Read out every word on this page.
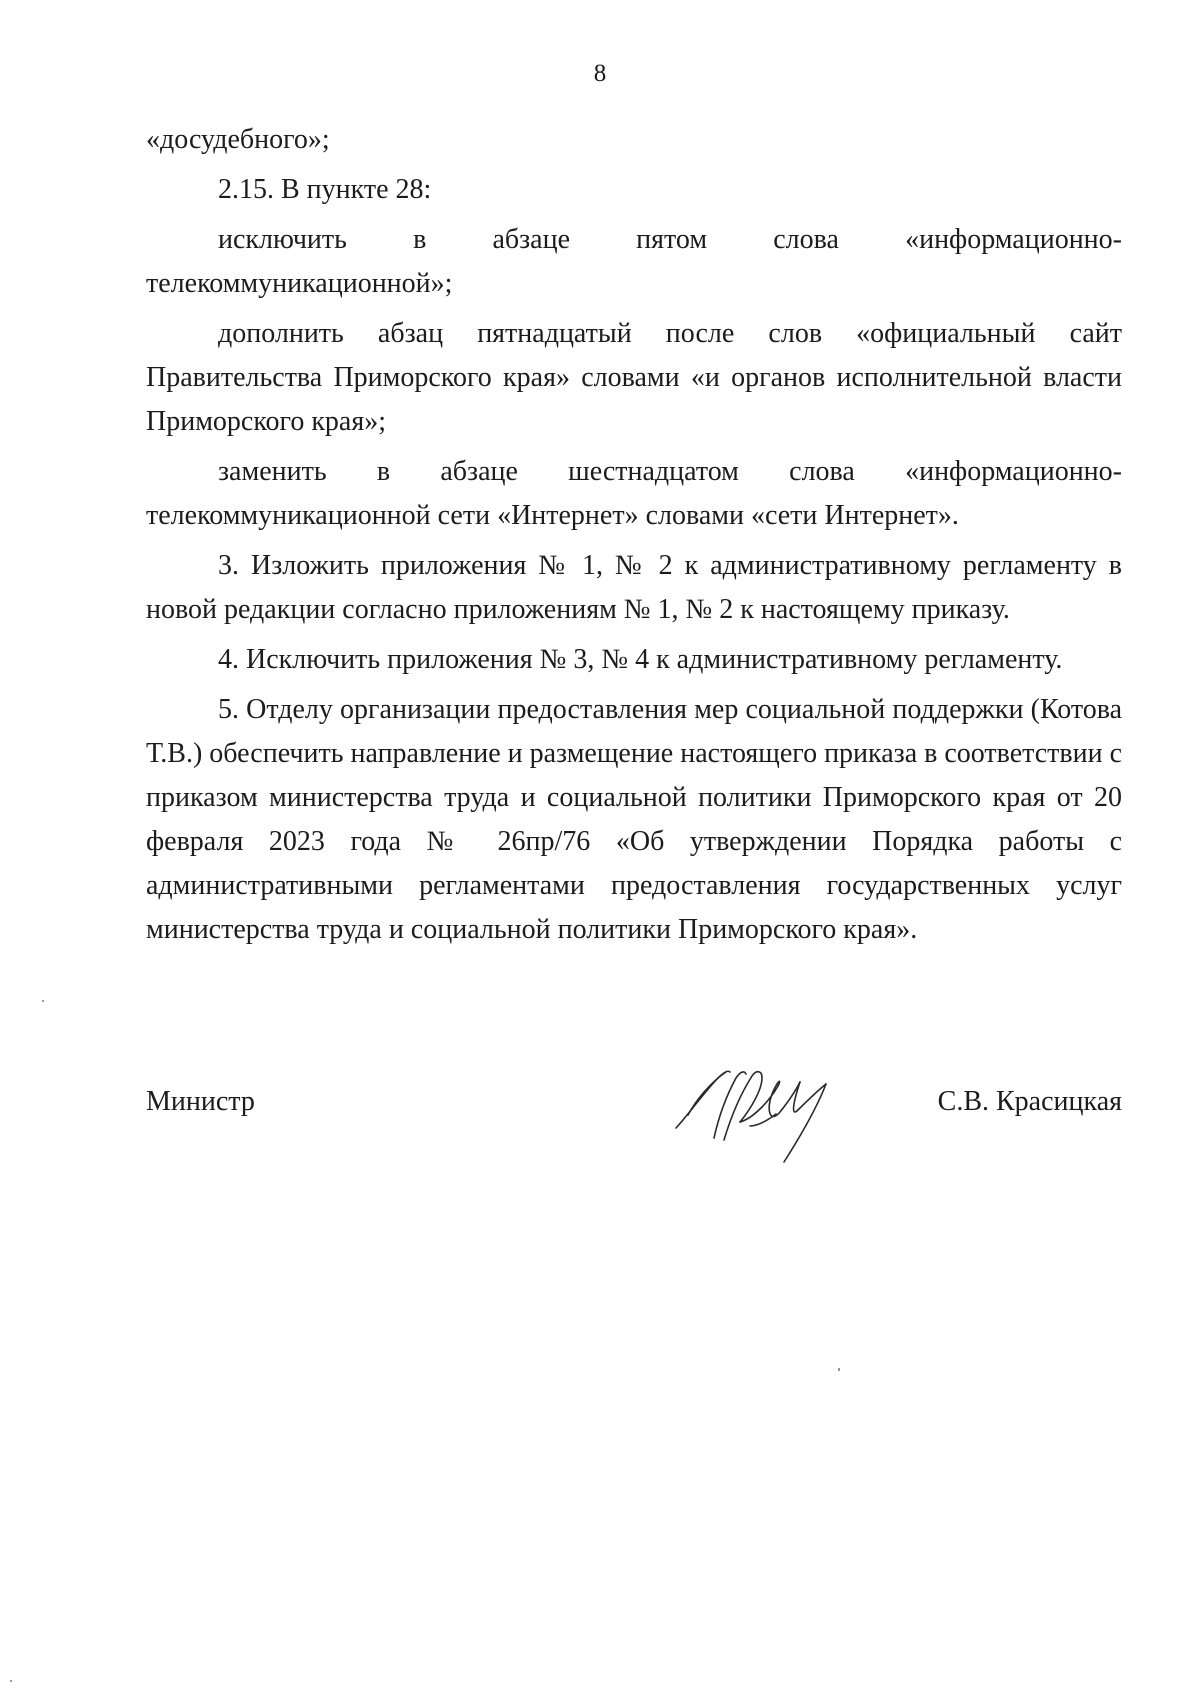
8

«досудебного»;

2.15. В пункте 28:

исключить в абзаце пятом слова «информационно-

телекоммуникационной»;

дополнить абзац пятнадцатый после слов «официальный сайт Правительства Приморского края» словами «и органов исполнительной власти Приморского края»;

заменить в абзаце шестнадцатом слова «информационно-

телекоммуникационной сети «Интернет» словами «сети Интернет».

3. Изложить приложения № 1, № 2 к административному регламенту в новой редакции согласно приложениям № 1, № 2 к настоящему приказу.

4. Исключить приложения № 3, № 4 к административному регламенту.

5. Отделу организации предоставления мер социальной поддержки (Котова Т.В.) обеспечить направление и размещение настоящего приказа в соответствии с приказом министерства труда и социальной политики Приморского края от 20 февраля 2023 года № 26пр/76 «Об утверждении Порядка работы с административными регламентами предоставления государственных услуг министерства труда и социальной политики Приморского края».

Министр	С.В. Красицкая
